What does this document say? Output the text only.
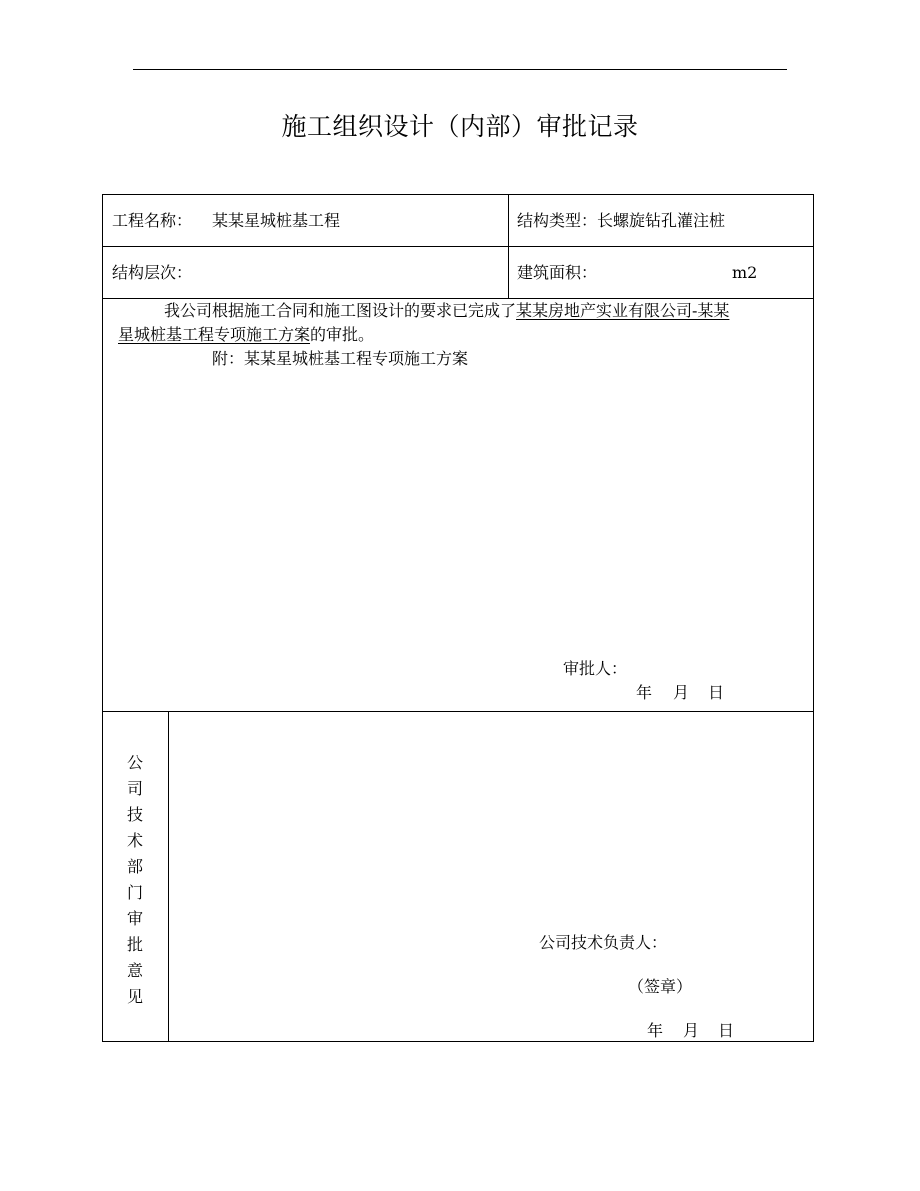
施工组织设计（内部）审批记录
工程名称： 某某星城桩基工程	结构类型： 长螺旋钻孔灌注桩
结构层次：	建筑面积：	m2
我公司根据施工合同和施工图设计的要求已完成了某某房地产实业有限公司-某某
星城桩基工程专项施工方案的审批。
附：某某星城桩基工程专项施工方案
审批人：
年 月 日
公
司
技
术
部
门
审
批
意
见
公司技术负责人：
（签章）
年 月 日
